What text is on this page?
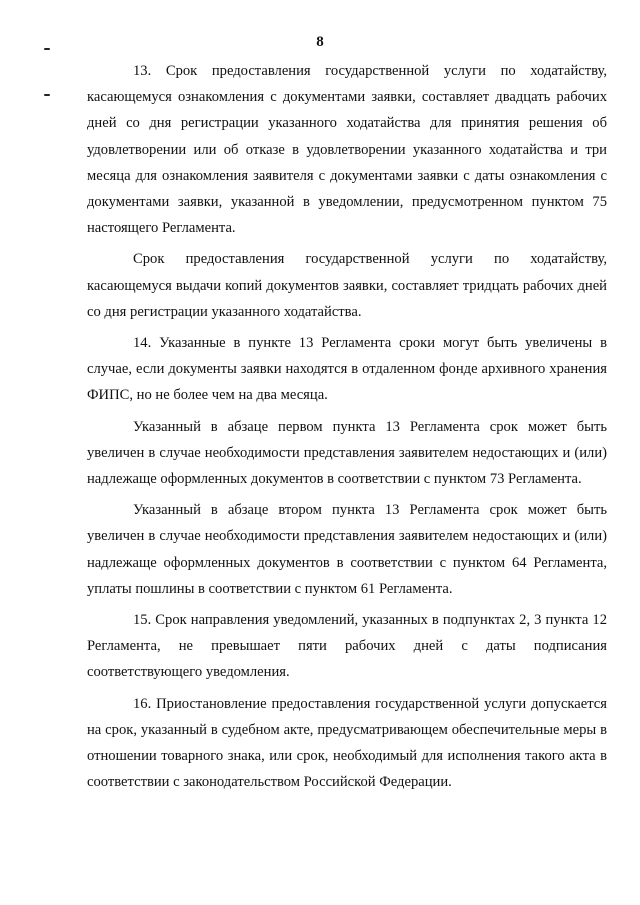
8

13. Срок предоставления государственной услуги по ходатайству, касающемуся ознакомления с документами заявки, составляет двадцать рабочих дней со дня регистрации указанного ходатайства для принятия решения об удовлетворении или об отказе в удовлетворении указанного ходатайства и три месяца для ознакомления заявителя с документами заявки с даты ознакомления с документами заявки, указанной в уведомлении, предусмотренном пунктом 75 настоящего Регламента.

Срок предоставления государственной услуги по ходатайству, касающемуся выдачи копий документов заявки, составляет тридцать рабочих дней со дня регистрации указанного ходатайства.

14. Указанные в пункте 13 Регламента сроки могут быть увеличены в случае, если документы заявки находятся в отдаленном фонде архивного хранения ФИПС, но не более чем на два месяца.

Указанный в абзаце первом пункта 13 Регламента срок может быть увеличен в случае необходимости представления заявителем недостающих и (или) надлежаще оформленных документов в соответствии с пунктом 73 Регламента.

Указанный в абзаце втором пункта 13 Регламента срок может быть увеличен в случае необходимости представления заявителем недостающих и (или) надлежаще оформленных документов в соответствии с пунктом 64 Регламента, уплаты пошлины в соответствии с пунктом 61 Регламента.

15. Срок направления уведомлений, указанных в подпунктах 2, 3 пункта 12 Регламента, не превышает пяти рабочих дней с даты подписания соответствующего уведомления.

16. Приостановление предоставления государственной услуги допускается на срок, указанный в судебном акте, предусматривающем обеспечительные меры в отношении товарного знака, или срок, необходимый для исполнения такого акта в соответствии с законодательством Российской Федерации.
